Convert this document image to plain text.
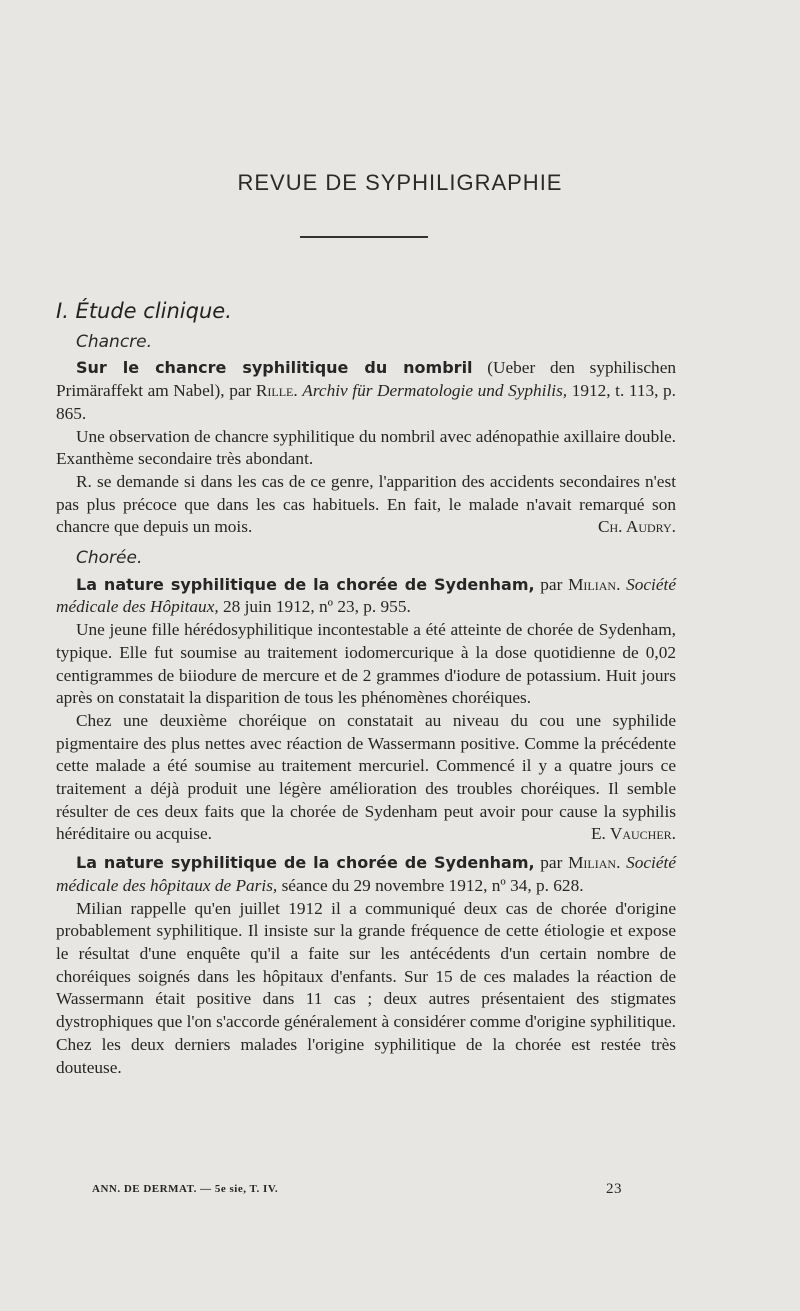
REVUE DE SYPHILIGRAPHIE
I. Étude clinique.
Chancre.

Sur le chancre syphilitique du nombril (Ueber den syphilischen Primäraffekt am Nabel), par Rille. Archiv für Dermatologie und Syphilis, 1912, t. 113, p. 865.

Une observation de chancre syphilitique du nombril avec adénopathie axillaire double. Exanthème secondaire très abondant.

R. se demande si dans les cas de ce genre, l'apparition des accidents secondaires n'est pas plus précoce que dans les cas habituels. En fait, le malade n'avait remarqué son chancre que depuis un mois.	Ch. Audry.

Chorée.

La nature syphilitique de la chorée de Sydenham, par Milian. Société médicale des Hôpitaux, 28 juin 1912, nº 23, p. 955.

Une jeune fille hérédosyphilitique incontestable a été atteinte de chorée de Sydenham, typique. Elle fut soumise au traitement iodomercurique à la dose quotidienne de 0,02 centigrammes de biiodure de mercure et de 2 grammes d'iodure de potassium. Huit jours après on constatait la disparition de tous les phénomènes choréiques.

Chez une deuxième choréique on constatait au niveau du cou une syphilide pigmentaire des plus nettes avec réaction de Wassermann positive. Comme la précédente cette malade a été soumise au traitement mercuriel. Commencé il y a quatre jours ce traitement a déjà produit une légère amélioration des troubles choréiques. Il semble résulter de ces deux faits que la chorée de Sydenham peut avoir pour cause la syphilis héréditaire ou acquise.	E. Vaucher.

La nature syphilitique de la chorée de Sydenham, par Milian. Société médicale des hôpitaux de Paris, séance du 29 novembre 1912, nº 34, p. 628.

Milian rappelle qu'en juillet 1912 il a communiqué deux cas de chorée d'origine probablement syphilitique. Il insiste sur la grande fréquence de cette étiologie et expose le résultat d'une enquête qu'il a faite sur les antécédents d'un certain nombre de choréiques soignés dans les hôpitaux d'enfants. Sur 15 de ces malades la réaction de Wassermann était positive dans 11 cas ; deux autres présentaient des stigmates dystrophiques que l'on s'accorde généralement à considérer comme d'origine syphilitique. Chez les deux derniers malades l'origine syphilitique de la chorée est restée très douteuse.

ANN. DE DERMAT. — 5e sie, T. IV.	23
